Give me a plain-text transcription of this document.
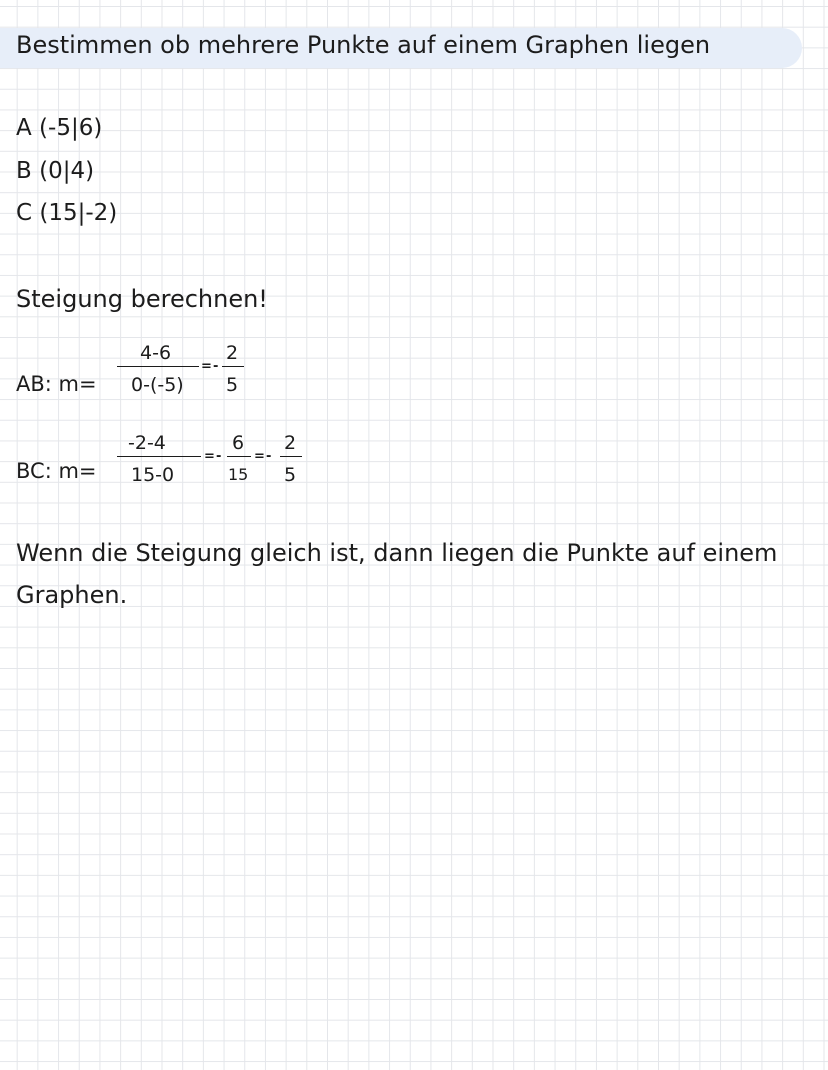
Bestimmen ob mehrere Punkte auf einem Graphen liegen
A (-5|6)
B (0|4)
C (15|-2)
Steigung berechnen!
AB: m=
4-6
0-(-5)
= -
2
5
BC: m=
-2-4
15-0
= -
6
15
= -
2
5
Wenn die Steigung gleich ist, dann liegen die Punkte auf einem Graphen.
